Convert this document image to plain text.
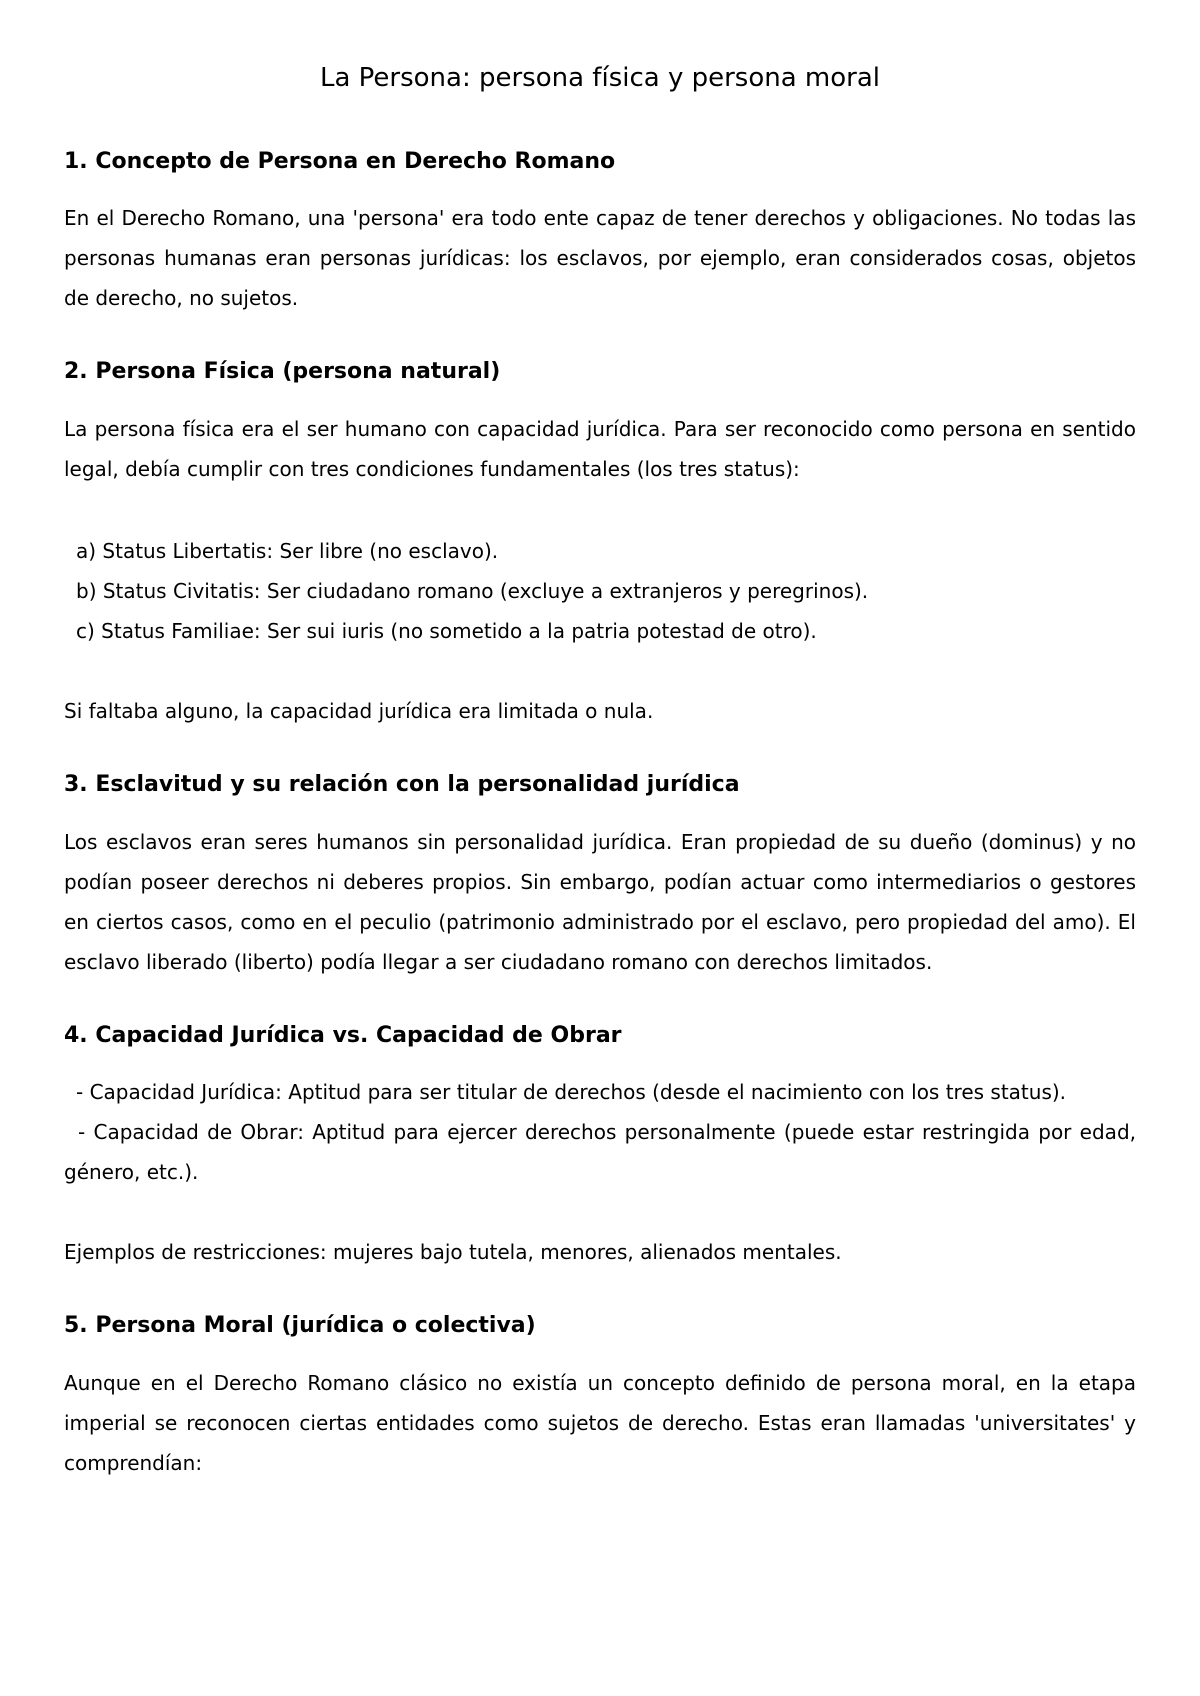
La Persona: persona física y persona moral
1. Concepto de Persona en Derecho Romano

En el Derecho Romano, una 'persona' era todo ente capaz de tener derechos y obligaciones. No todas las personas humanas eran personas jurídicas: los esclavos, por ejemplo, eran considerados cosas, objetos de derecho, no sujetos.

2. Persona Física (persona natural)

La persona física era el ser humano con capacidad jurídica. Para ser reconocido como persona en sentido legal, debía cumplir con tres condiciones fundamentales (los tres status):

a) Status Libertatis: Ser libre (no esclavo).
b) Status Civitatis: Ser ciudadano romano (excluye a extranjeros y peregrinos).
c) Status Familiae: Ser sui iuris (no sometido a la patria potestad de otro).

Si faltaba alguno, la capacidad jurídica era limitada o nula.

3. Esclavitud y su relación con la personalidad jurídica

Los esclavos eran seres humanos sin personalidad jurídica. Eran propiedad de su dueño (dominus) y no podían poseer derechos ni deberes propios. Sin embargo, podían actuar como intermediarios o gestores en ciertos casos, como en el peculio (patrimonio administrado por el esclavo, pero propiedad del amo). El esclavo liberado (liberto) podía llegar a ser ciudadano romano con derechos limitados.

4. Capacidad Jurídica vs. Capacidad de Obrar
- Capacidad Jurídica: Aptitud para ser titular de derechos (desde el nacimiento con los tres status).
- Capacidad de Obrar: Aptitud para ejercer derechos personalmente (puede estar restringida por edad, género, etc.).

Ejemplos de restricciones: mujeres bajo tutela, menores, alienados mentales.

5. Persona Moral (jurídica o colectiva)

Aunque en el Derecho Romano clásico no existía un concepto definido de persona moral, en la etapa imperial se reconocen ciertas entidades como sujetos de derecho. Estas eran llamadas 'universitates' y comprendían:
